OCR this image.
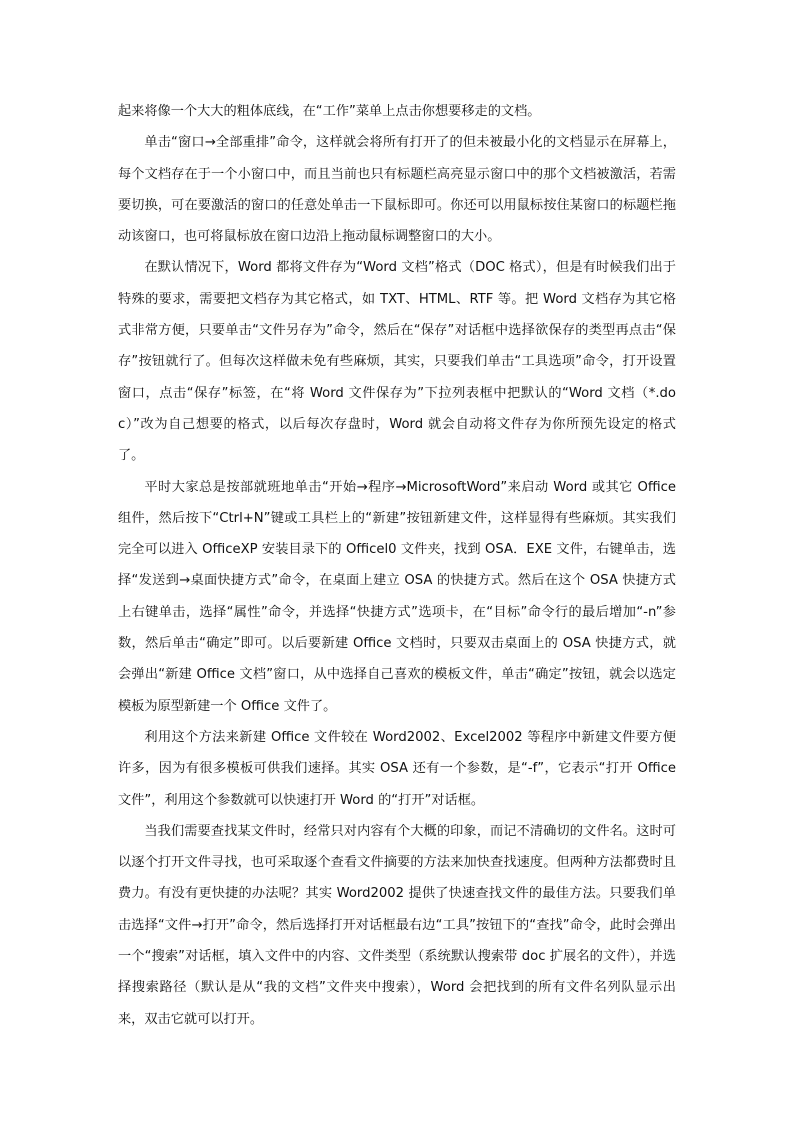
起来将像一个大大的粗体底线，在“工作”菜单上点击你想要移走的文档。

单击“窗口→全部重排”命令，这样就会将所有打开了的但未被最小化的文档显示在屏幕上，每个文档存在于一个小窗口中，而且当前也只有标题栏高亮显示窗口中的那个文档被激活，若需要切换，可在要激活的窗口的任意处单击一下鼠标即可。你还可以用鼠标按住某窗口的标题栏拖动该窗口，也可将鼠标放在窗口边沿上拖动鼠标调整窗口的大小。

在默认情况下，Word 都将文件存为“Word 文档”格式（DOC 格式），但是有时候我们出于特殊的要求，需要把文档存为其它格式，如 TXT、HTML、RTF 等。把 Word 文档存为其它格式非常方便，只要单击“文件另存为”命令，然后在“保存”对话框中选择欲保存的类型再点击“保存”按钮就行了。但每次这样做未免有些麻烦，其实，只要我们单击“工具选项”命令，打开设置窗口，点击“保存”标签，在“将 Word 文件保存为”下拉列表框中把默认的“Word 文档（*.doc）”改为自己想要的格式，以后每次存盘时，Word 就会自动将文件存为你所预先设定的格式了。

平时大家总是按部就班地单击“开始→程序→MicrosoftWord”来启动 Word 或其它 Office 组件，然后按下“Ctrl+N”键或工具栏上的“新建”按钮新建文件，这样显得有些麻烦。其实我们完全可以进入 OfficeXP 安装目录下的 Officel0 文件夹，找到 OSA．EXE 文件，右键单击，选择“发送到→桌面快捷方式”命令，在桌面上建立 OSA 的快捷方式。然后在这个 OSA 快捷方式上右键单击，选择“属性”命令，并选择“快捷方式”选项卡，在“目标”命令行的最后增加“-n”参数，然后单击“确定”即可。以后要新建 Office 文档时，只要双击桌面上的 OSA 快捷方式，就会弹出“新建 Office 文档”窗口，从中选择自己喜欢的模板文件，单击“确定”按钮，就会以选定模板为原型新建一个 Office 文件了。

利用这个方法来新建 Office 文件较在 Word2002、Excel2002 等程序中新建文件要方便许多，因为有很多模板可供我们速择。其实 OSA 还有一个参数，是“-f”，它表示“打开 Office 文件”，利用这个参数就可以快速打开 Word 的“打开”对话框。

当我们需要查找某文件时，经常只对内容有个大概的印象，而记不清确切的文件名。这时可以逐个打开文件寻找，也可采取逐个查看文件摘要的方法来加快查找速度。但两种方法都费时且费力。有没有更快捷的办法呢？其实 Word2002 提供了快速查找文件的最佳方法。只要我们单击选择“文件→打开”命令，然后选择打开对话框最右边“工具”按钮下的“查找”命令，此时会弹出一个“搜索”对话框，填入文件中的内容、文件类型（系统默认搜索带 doc 扩展名的文件），并选择搜索路径（默认是从“我的文档”文件夹中搜索），Word 会把找到的所有文件名列队显示出来，双击它就可以打开。
